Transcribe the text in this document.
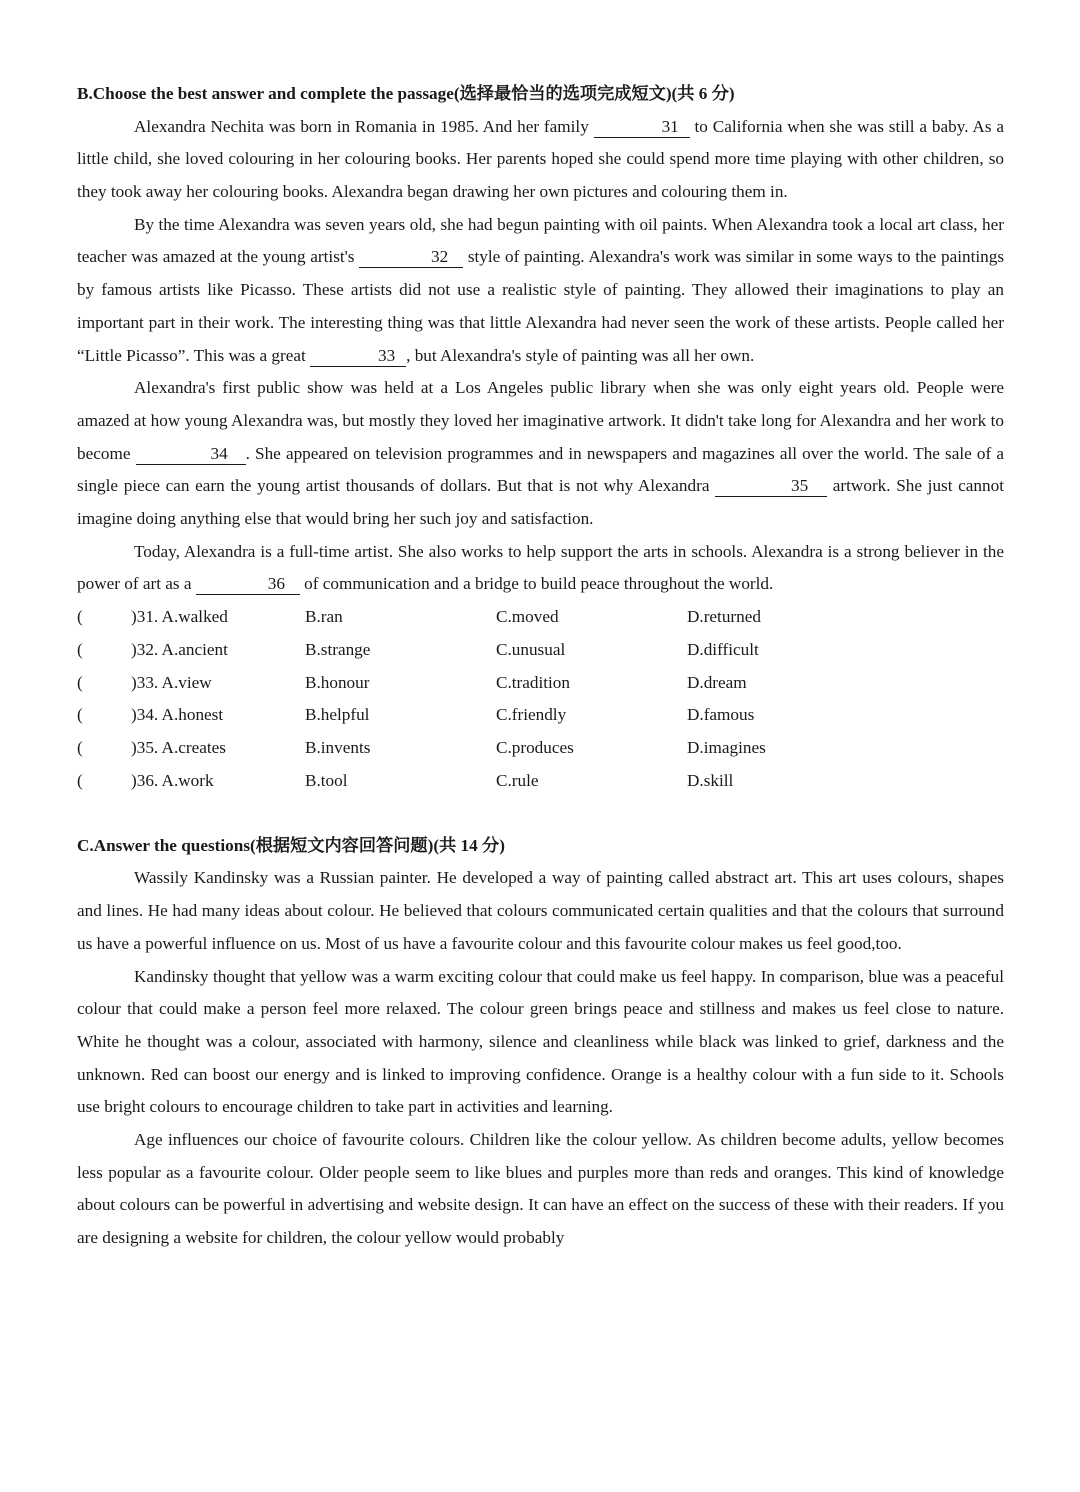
B.Choose the best answer and complete the passage(选择最恰当的选项完成短文)(共 6 分)

Alexandra Nechita was born in Romania in 1985. And her family	31 to California when she was still a baby. As a little child, she loved colouring in her colouring books. Her parents hoped she could spend more time playing with other children, so they took away her colouring books. Alexandra began drawing her own pictures and colouring them in.

By the time Alexandra was seven years old, she had begun painting with oil paints. When Alexandra took a local art class, her teacher was amazed at the young artist's	32 style of painting. Alexandra's work was similar in some ways to the paintings by famous artists like Picasso. These artists did not use a realistic style of painting. They allowed their imaginations to play an important part in their work. The interesting thing was that little Alexandra had never seen the work of these artists. People called her “Little Picasso”. This was a great	33 , but Alexandra's style of painting was all her own.

Alexandra's first public show was held at a Los Angeles public library when she was only eight years old. People were amazed at how young Alexandra was, but mostly they loved her imaginative artwork. It didn't take long for Alexandra and her work to become	34 . She appeared on television programmes and in newspapers and magazines all over the world. The sale of a single piece can earn the young artist thousands of dollars. But that is not why Alexandra	35 artwork. She just cannot imagine doing anything else that would bring her such joy and satisfaction.

Today, Alexandra is a full-time artist. She also works to help support the arts in schools. Alexandra is a strong believer in the power of art as a	36 of communication and a bridge to build peace throughout the world.

(	)31. A.walked	B.ran	C.moved	D.returned
(	)32. A.ancient	B.strange	C.unusual	D.difficult
(	)33. A.view	B.honour	C.tradition	D.dream
(	)34. A.honest	B.helpful	C.friendly	D.famous
(	)35. A.creates	B.invents	C.produces	D.imagines
(	)36. A.work	B.tool	C.rule	D.skill
C.Answer the questions(根据短文内容回答问题)(共 14 分)

Wassily Kandinsky was a Russian painter. He developed a way of painting called abstract art. This art uses colours, shapes and lines. He had many ideas about colour. He believed that colours communicated certain qualities and that the colours that surround us have a powerful influence on us. Most of us have a favourite colour and this favourite colour makes us feel good,too.

Kandinsky thought that yellow was a warm exciting colour that could make us feel happy. In comparison, blue was a peaceful colour that could make a person feel more relaxed. The colour green brings peace and stillness and makes us feel close to nature. White he thought was a colour, associated with harmony, silence and cleanliness while black was linked to grief, darkness and the unknown. Red can boost our energy and is linked to improving confidence. Orange is a healthy colour with a fun side to it. Schools use bright colours to encourage children to take part in activities and learning.

Age influences our choice of favourite colours. Children like the colour yellow. As children become adults, yellow becomes less popular as a favourite colour. Older people seem to like blues and purples more than reds and oranges. This kind of knowledge about colours can be powerful in advertising and website design. It can have an effect on the success of these with their readers. If you are designing a website for children, the colour yellow would probably
